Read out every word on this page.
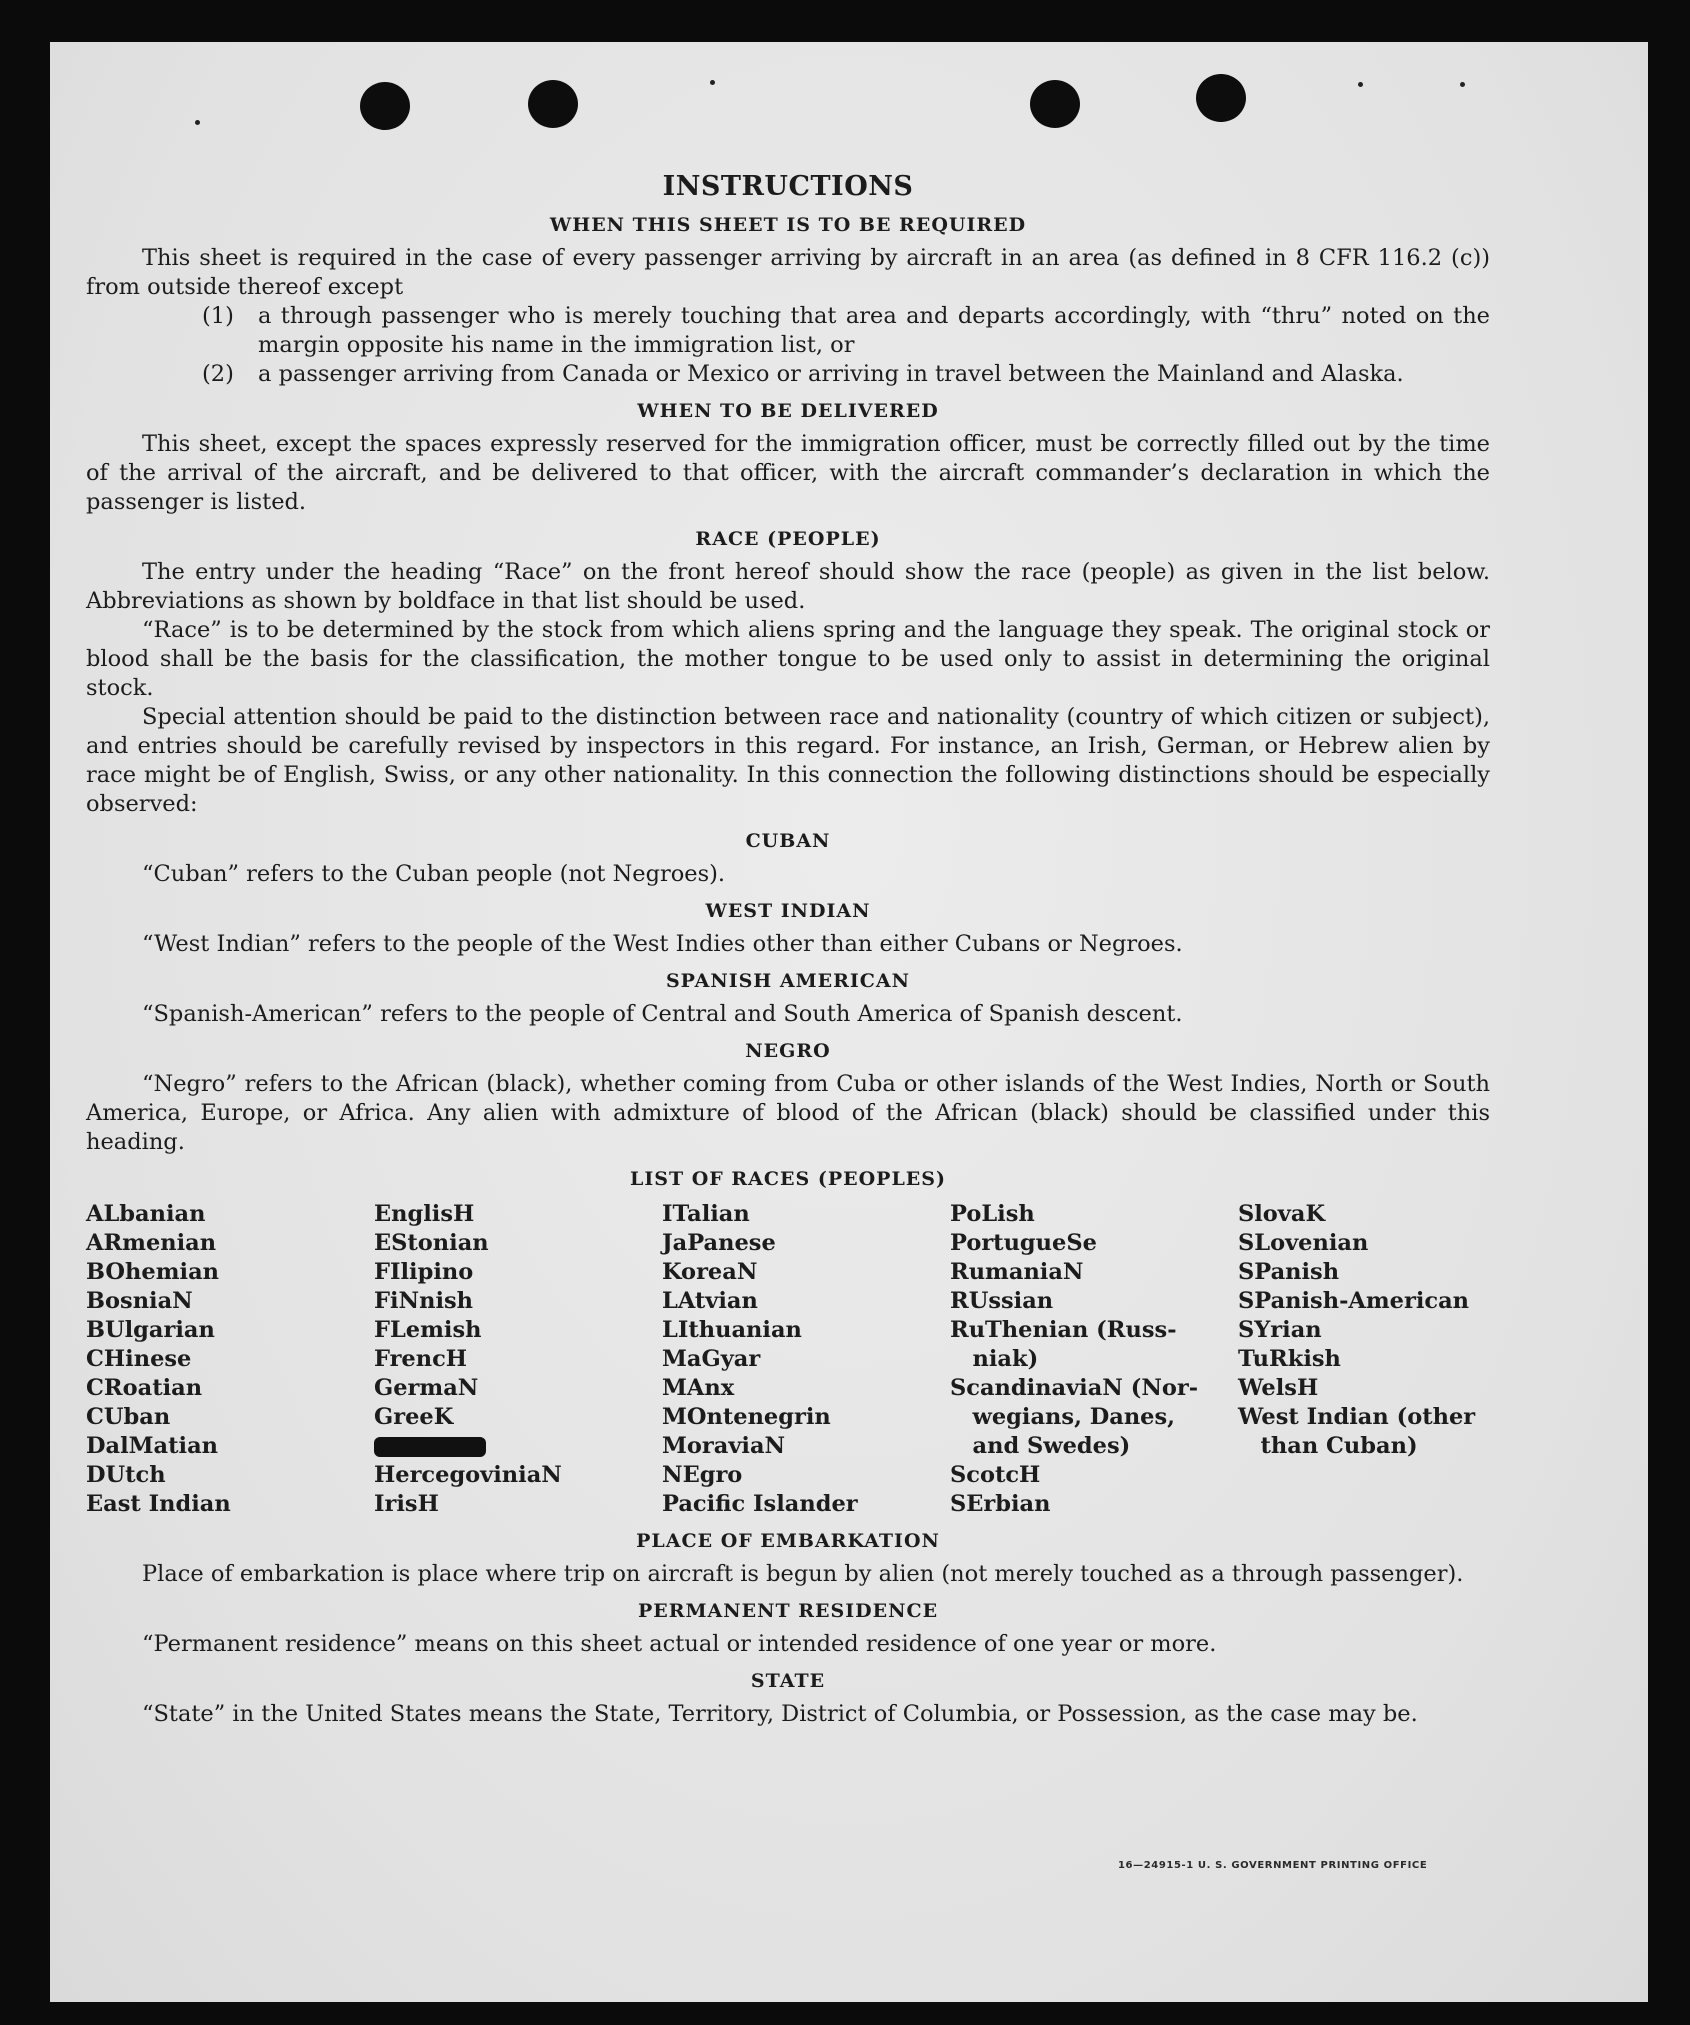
INSTRUCTIONS
WHEN THIS SHEET IS TO BE REQUIRED

This sheet is required in the case of every passenger arriving by aircraft in an area (as defined in 8 CFR 116.2 (c)) from outside thereof except

(1)	a through passenger who is merely touching that area and departs accordingly, with “thru” noted on the margin opposite his name in the immigration list, or
(2)	a passenger arriving from Canada or Mexico or arriving in travel between the Mainland and Alaska.
WHEN TO BE DELIVERED

This sheet, except the spaces expressly reserved for the immigration officer, must be correctly filled out by the time of the arrival of the aircraft, and be delivered to that officer, with the aircraft commander’s declaration in which the passenger is listed.

RACE (PEOPLE)

The entry under the heading “Race” on the front hereof should show the race (people) as given in the list below. Abbreviations as shown by boldface in that list should be used.

“Race” is to be determined by the stock from which aliens spring and the language they speak. The original stock or blood shall be the basis for the classification, the mother tongue to be used only to assist in determining the original stock.

Special attention should be paid to the distinction between race and nationality (country of which citizen or subject), and entries should be carefully revised by inspectors in this regard. For instance, an Irish, German, or Hebrew alien by race might be of English, Swiss, or any other nationality. In this connection the following distinctions should be especially observed:

CUBAN

“Cuban” refers to the Cuban people (not Negroes).

WEST INDIAN

“West Indian” refers to the people of the West Indies other than either Cubans or Negroes.

SPANISH AMERICAN

“Spanish-American” refers to the people of Central and South America of Spanish descent.

NEGRO

“Negro” refers to the African (black), whether coming from Cuba or other islands of the West Indies, North or South America, Europe, or Africa. Any alien with admixture of blood of the African (black) should be classified under this heading.

LIST OF RACES (PEOPLES)
ALbanian
ARmenian
BOhemian
BosniaN
BUlgarian
CHinese
CRoatian
CUban
DalMatian
DUtch
East Indian
EnglisH
EStonian
FIlipino
FiNnish
FLemish
FrencH
GermaN
GreeK
HercegoviniaN
IrisH
ITalian
JaPanese
KoreaN
LAtvian
LIthuanian
MaGyar
MAnx
MOntenegrin
MoraviaN
NEgro
Pacific Islander
PoLish
PortugueSe
RumaniaN
RUssian
RuThenian (Russ-
 niak)
ScandinaviaN (Nor-
 wegians, Danes,
 and Swedes)
ScotcH
SErbian
SlovaK
SLovenian
SPanish
SPanish-American
SYrian
TuRkish
WelsH
West Indian (other
 than Cuban)
PLACE OF EMBARKATION

Place of embarkation is place where trip on aircraft is begun by alien (not merely touched as a through passenger).

PERMANENT RESIDENCE

“Permanent residence” means on this sheet actual or intended residence of one year or more.

STATE

“State” in the United States means the State, Territory, District of Columbia, or Possession, as the case may be.

16—24915-1 U. S. GOVERNMENT PRINTING OFFICE
